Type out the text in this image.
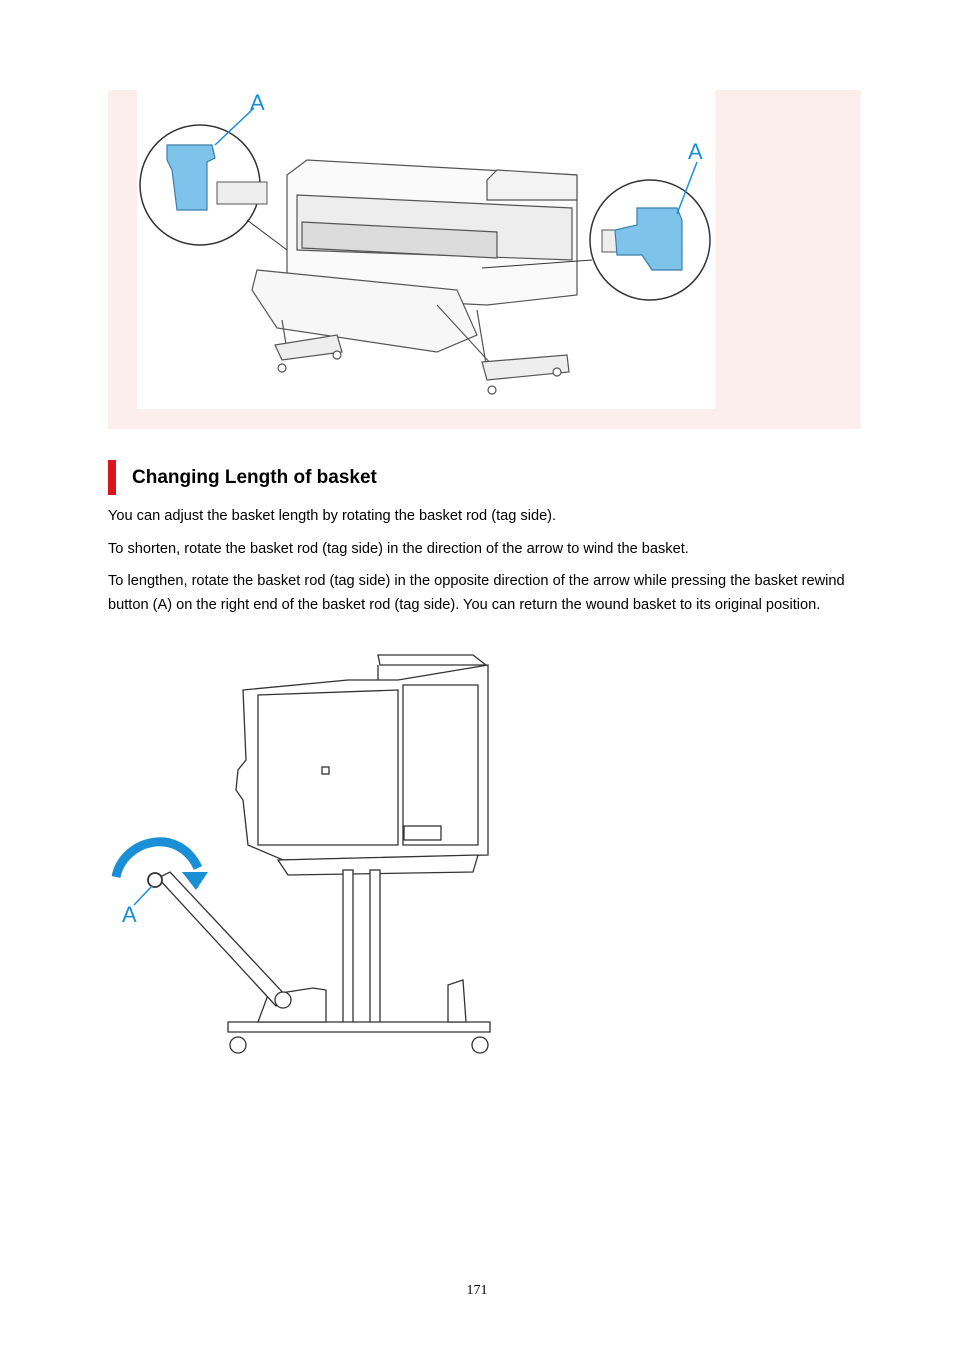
A
A
Changing Length of basket

You can adjust the basket length by rotating the basket rod (tag side).

To shorten, rotate the basket rod (tag side) in the direction of the arrow to wind the basket.

To lengthen, rotate the basket rod (tag side) in the opposite direction of the arrow while pressing the basket rewind button (A) on the right end of the basket rod (tag side). You can return the wound basket to its original position.

A
171
